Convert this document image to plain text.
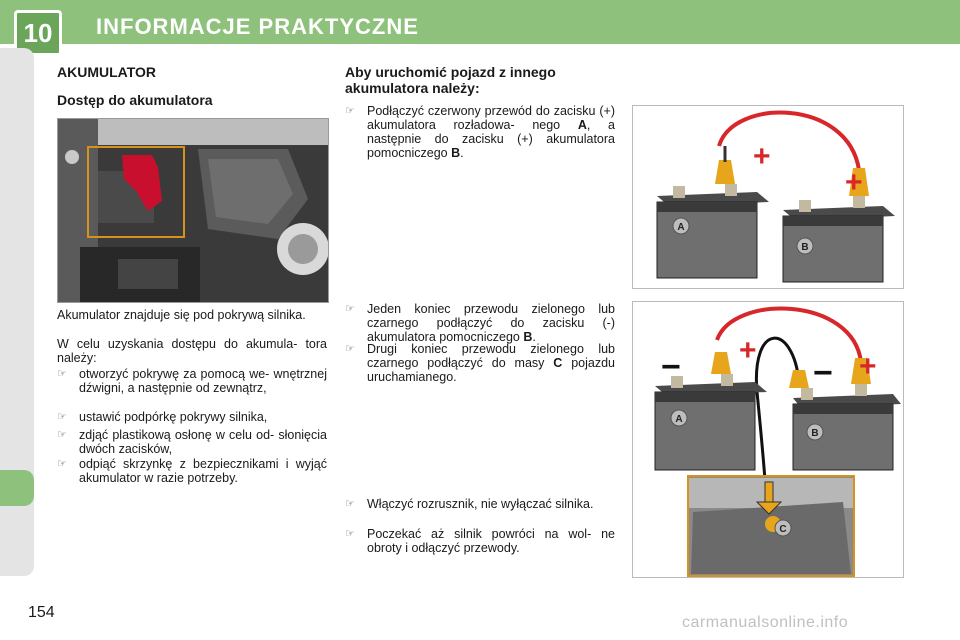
10	INFORMACJE PRAKTYCZNE
AKUMULATOR
Dostęp do akumulatora
Akumulator znajduje się pod pokrywą silnika.
W celu uzyskania dostępu do akumula- tora należy:
☞ otworzyć pokrywę za pomocą we- wnętrznej dźwigni, a następnie od zewnątrz,
☞ ustawić podpórkę pokrywy silnika,
☞ zdjąć plastikową osłonę w celu od- słonięcia dwóch zacisków,
☞ odpiąć skrzynkę z bezpiecznikami i wyjąć akumulator w razie potrzeby.
Aby uruchomić pojazd z innego akumulatora należy:
☞ Podłączyć czerwony przewód do zacisku (+) akumulatora rozładowa- nego A, a następnie do zacisku (+) akumulatora pomocniczego B.
☞ Jeden koniec przewodu zielonego lub czarnego podłączyć do zacisku (-) akumulatora pomocniczego B.
☞ Drugi koniec przewodu zielonego lub czarnego podłączyć do masy C pojazdu uruchamianego.
☞ Włączyć rozrusznik, nie wyłączać silnika.
☞ Poczekać aż silnik powróci na wol- ne obroty i odłączyć przewody.
A
+
B
+
A
+
−
B
+
−
C
154
carmanualsonline.info
